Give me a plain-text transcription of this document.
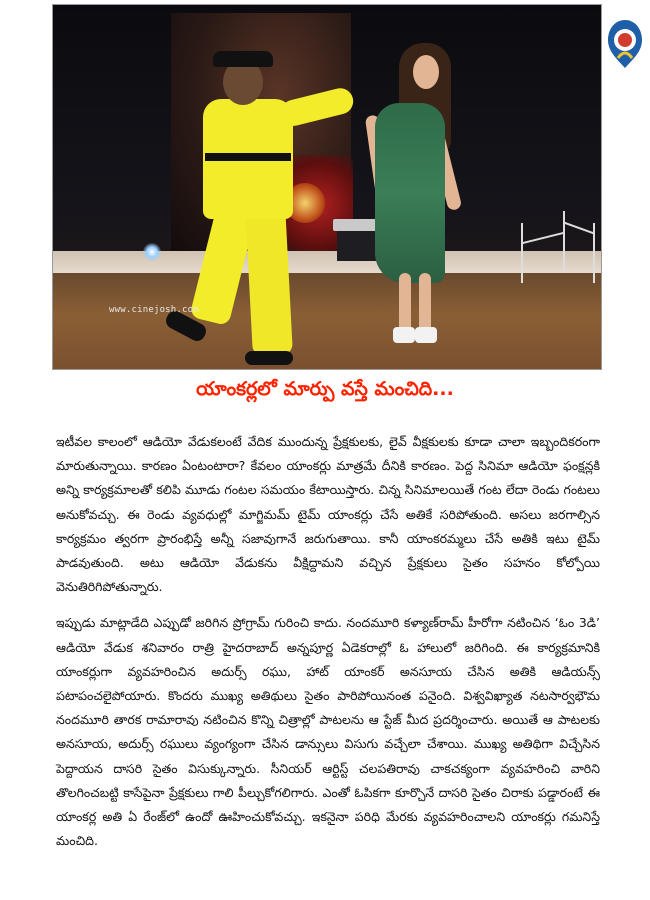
www.cinejosh.com
యాంకర్లలో మార్పు వస్తే మంచిది...

ఇటీవల కాలంలో ఆడియో వేడుకలంటే వేదిక ముందున్న ప్రేక్షకులకు, లైవ్ వీక్షకులకు కూడా చాలా ఇబ్బందికరంగా మారుతున్నాయి. కారణం ఏంటంటారా? కేవలం యాంకర్లు మాత్రమే దీనికి కారణం. పెద్ద సినిమా ఆడియో ఫంక్షన్లకి అన్ని కార్యక్రమాలతో కలిపి మూడు గంటల సమయం కేటాయిస్తారు. చిన్న సినిమాలయితే గంట లేదా రెండు గంటలు అనుకోవచ్చు. ఈ రెండు వ్యవధుల్లో మాగ్జిమమ్ టైమ్ యాంకర్లు చేసే అతికే సరిపోతుంది. అసలు జరగాల్సిన కార్యక్రమం త్వరగా ప్రారంభిస్తే అన్నీ సజావుగానే జరుగుతాయి. కానీ యాంకరమ్మలు చేసే అతికి ఇటు టైమ్ పాడవుతుంది. అటు ఆడియో వేడుకను వీక్షిద్దామని వచ్చిన ప్రేక్షకులు సైతం సహనం కోల్పోయి వెనుతిరిగిపోతున్నారు.

ఇప్పుడు మాట్లాడేది ఎప్పుడో జరిగిన ప్రోగ్రామ్ గురించి కాదు. నందమూరి కళ్యాణ్‌రామ్ హీరోగా నటించిన ‘ఓం 3డి’ ఆడియో వేడుక శనివారం రాత్రి హైదరాబాద్ అన్నపూర్ణ ఏడెకరాల్లో ఓ హాలులో జరిగింది. ఈ కార్యక్రమానికి యాంకర్లుగా వ్యవహరించిన అదుర్స్ రఘు, హాట్ యాంకర్ అనసూయ చేసిన అతికి ఆడియన్స్ పటాపంచలైపోయారు. కొందరు ముఖ్య అతిథులు సైతం పారిపోయినంత పనైంది. విశ్వవిఖ్యాత నటసార్వభౌమ నందమూరి తారక రామారావు నటించిన కొన్ని చిత్రాల్లో పాటలను ఆ స్టేజ్ మీద ప్రదర్శించారు. అయితే ఆ పాటలకు అనసూయ, అదుర్స్ రఘులు వ్యంగ్యంగా చేసిన డాన్సులు విసుగు వచ్చేలా చేశాయి. ముఖ్య అతిథిగా విచ్చేసిన పెద్దాయన దాసరి సైతం విసుక్కున్నారు. సీనియర్ ఆర్టిస్ట్ చలపతిరావు చాకచక్యంగా వ్యవహరించి వారిని తొలగించబట్టి కాసేపైనా ప్రేక్షకులు గాలి పీల్చుకోగలిగారు. ఎంతో ఓపికగా కూర్చొనే దాసరి సైతం చిరాకు పడ్డారంటే ఈ యాంకర్ల అతి ఏ రేంజ్‌లో ఉందో ఊహించుకోవచ్చు. ఇకనైనా పరిధి మేరకు వ్యవహరించాలని యాంకర్లు గమనిస్తే మంచిది.
